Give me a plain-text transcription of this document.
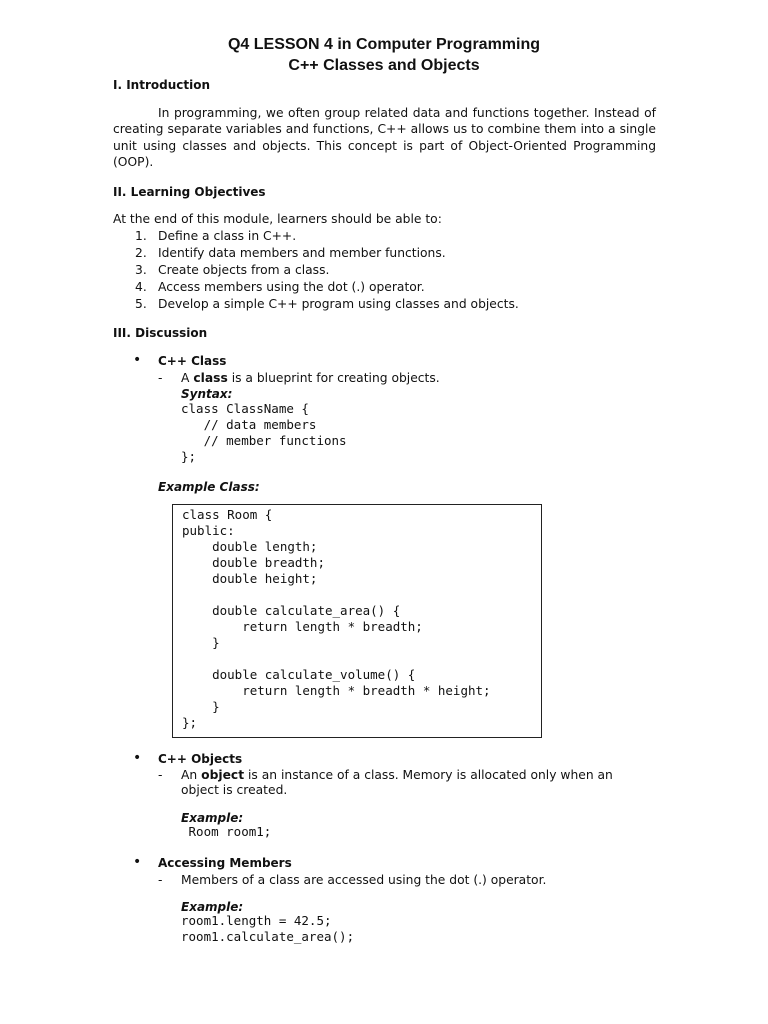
Q4 LESSON 4 in Computer Programming
C++ Classes and Objects
I. Introduction

In programming, we often group related data and functions together. Instead of creating separate variables and functions, C++ allows us to combine them into a single unit using classes and objects. This concept is part of Object-Oriented Programming (OOP).

II. Learning Objectives
At the end of this module, learners should be able to:
1. Define a class in C++.
2. Identify data members and member functions.
3. Create objects from a class.
4. Access members using the dot (.) operator.
5. Develop a simple C++ program using classes and objects.
III. Discussion
• C++ Class
- A class is a blueprint for creating objects.
Syntax:
class ClassName {
// data members
// member functions
};
Example Class:
class Room {
public:
double length;
double breadth;
double height;

double calculate_area() {
return length * breadth;
}

double calculate_volume() {
return length * breadth * height;
}
};
• C++ Objects
- An object is an instance of a class. Memory is allocated only when an
object is created.
Example:
Room room1;
• Accessing Members
- Members of a class are accessed using the dot (.) operator.
Example:
room1.length = 42.5;
room1.calculate_area();
